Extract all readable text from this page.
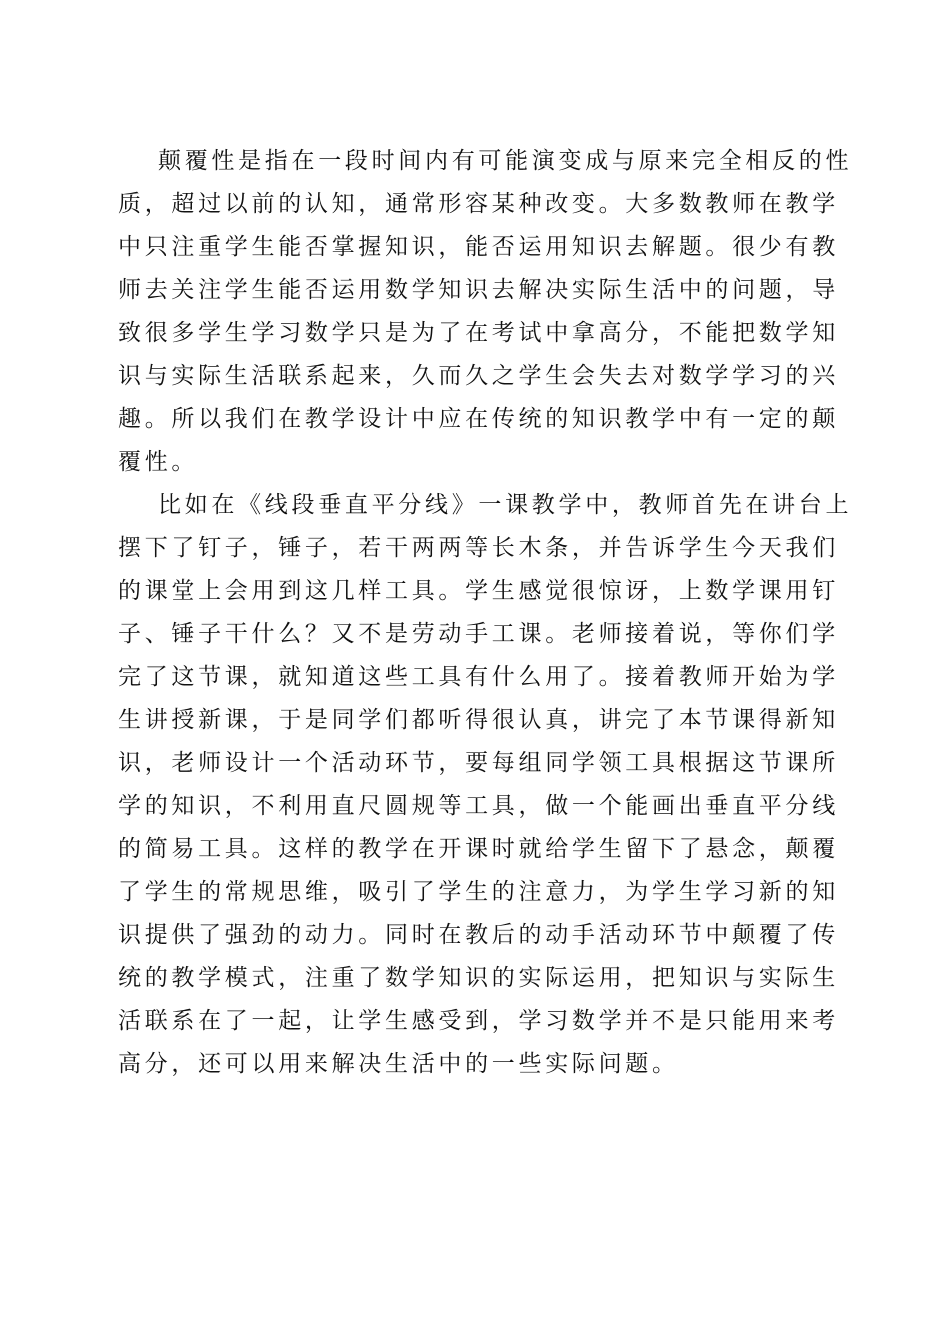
颠覆性是指在一段时间内有可能演变成与原来完全相反的性
质，超过以前的认知，通常形容某种改变。大多数教师在教学
中只注重学生能否掌握知识，能否运用知识去解题。很少有教
师去关注学生能否运用数学知识去解决实际生活中的问题，导
致很多学生学习数学只是为了在考试中拿高分，不能把数学知
识与实际生活联系起来，久而久之学生会失去对数学学习的兴
趣。所以我们在教学设计中应在传统的知识教学中有一定的颠
覆性。
比如在《线段垂直平分线》一课教学中，教师首先在讲台上
摆下了钉子，锤子，若干两两等长木条，并告诉学生今天我们
的课堂上会用到这几样工具。学生感觉很惊讶，上数学课用钉
子、锤子干什么？又不是劳动手工课。老师接着说，等你们学
完了这节课，就知道这些工具有什么用了。接着教师开始为学
生讲授新课，于是同学们都听得很认真，讲完了本节课得新知
识，老师设计一个活动环节，要每组同学领工具根据这节课所
学的知识，不利用直尺圆规等工具，做一个能画出垂直平分线
的简易工具。这样的教学在开课时就给学生留下了悬念，颠覆
了学生的常规思维，吸引了学生的注意力，为学生学习新的知
识提供了强劲的动力。同时在教后的动手活动环节中颠覆了传
统的教学模式，注重了数学知识的实际运用，把知识与实际生
活联系在了一起，让学生感受到，学习数学并不是只能用来考
高分，还可以用来解决生活中的一些实际问题。
